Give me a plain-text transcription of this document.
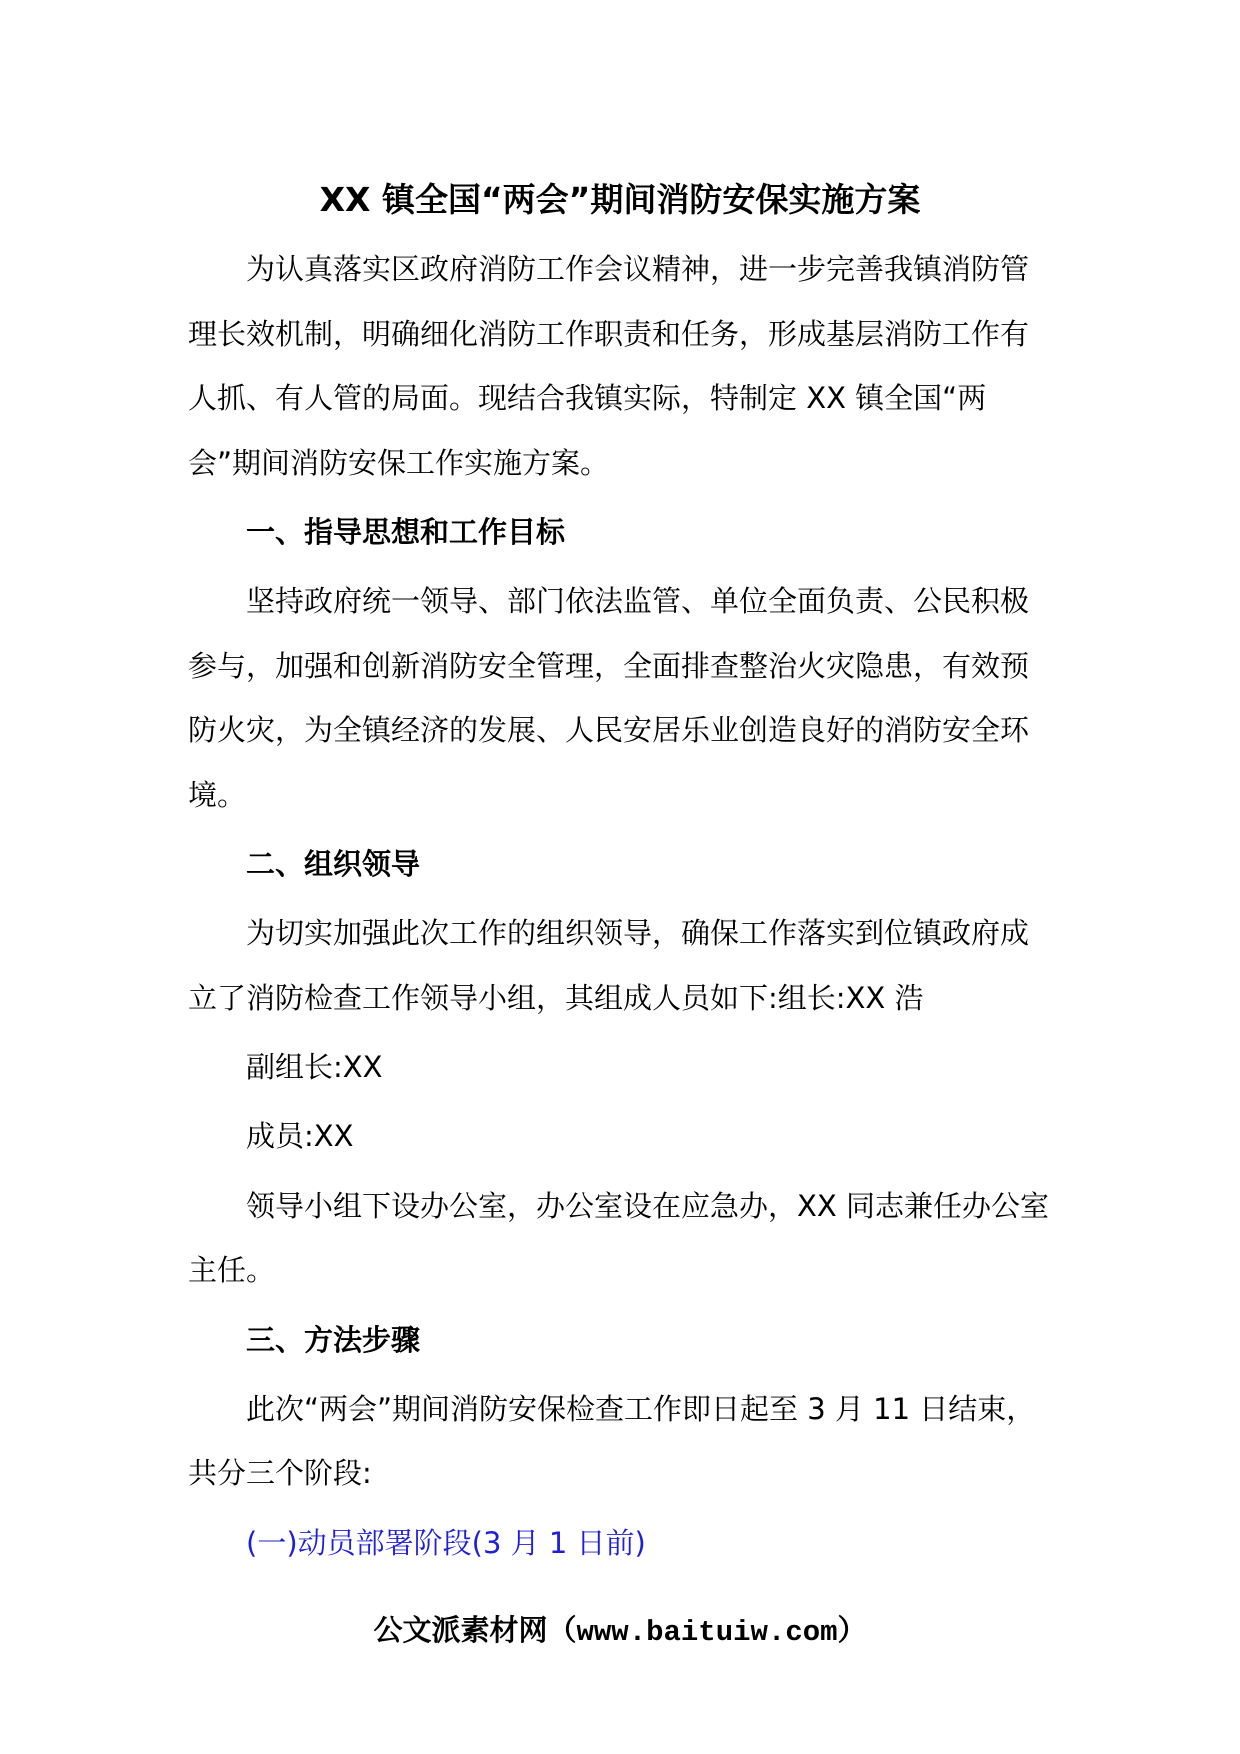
XX 镇全国“两会”期间消防安保实施方案
为认真落实区政府消防工作会议精神，进一步完善我镇消防管
理长效机制，明确细化消防工作职责和任务，形成基层消防工作有
人抓、有人管的局面。现结合我镇实际，特制定 XX 镇全国“两
会”期间消防安保工作实施方案。
一、指导思想和工作目标
坚持政府统一领导、部门依法监管、单位全面负责、公民积极
参与，加强和创新消防安全管理，全面排查整治火灾隐患，有效预
防火灾，为全镇经济的发展、人民安居乐业创造良好的消防安全环
境。
二、组织领导
为切实加强此次工作的组织领导，确保工作落实到位镇政府成
立了消防检查工作领导小组，其组成人员如下:组长:XX 浩
副组长:XX
成员:XX
领导小组下设办公室，办公室设在应急办，XX 同志兼任办公室
主任。
三、方法步骤
此次“两会”期间消防安保检查工作即日起至 3 月 11 日结束，
共分三个阶段:
(一)动员部署阶段(3 月 1 日前)
公文派素材网（www.baituiw.com）
